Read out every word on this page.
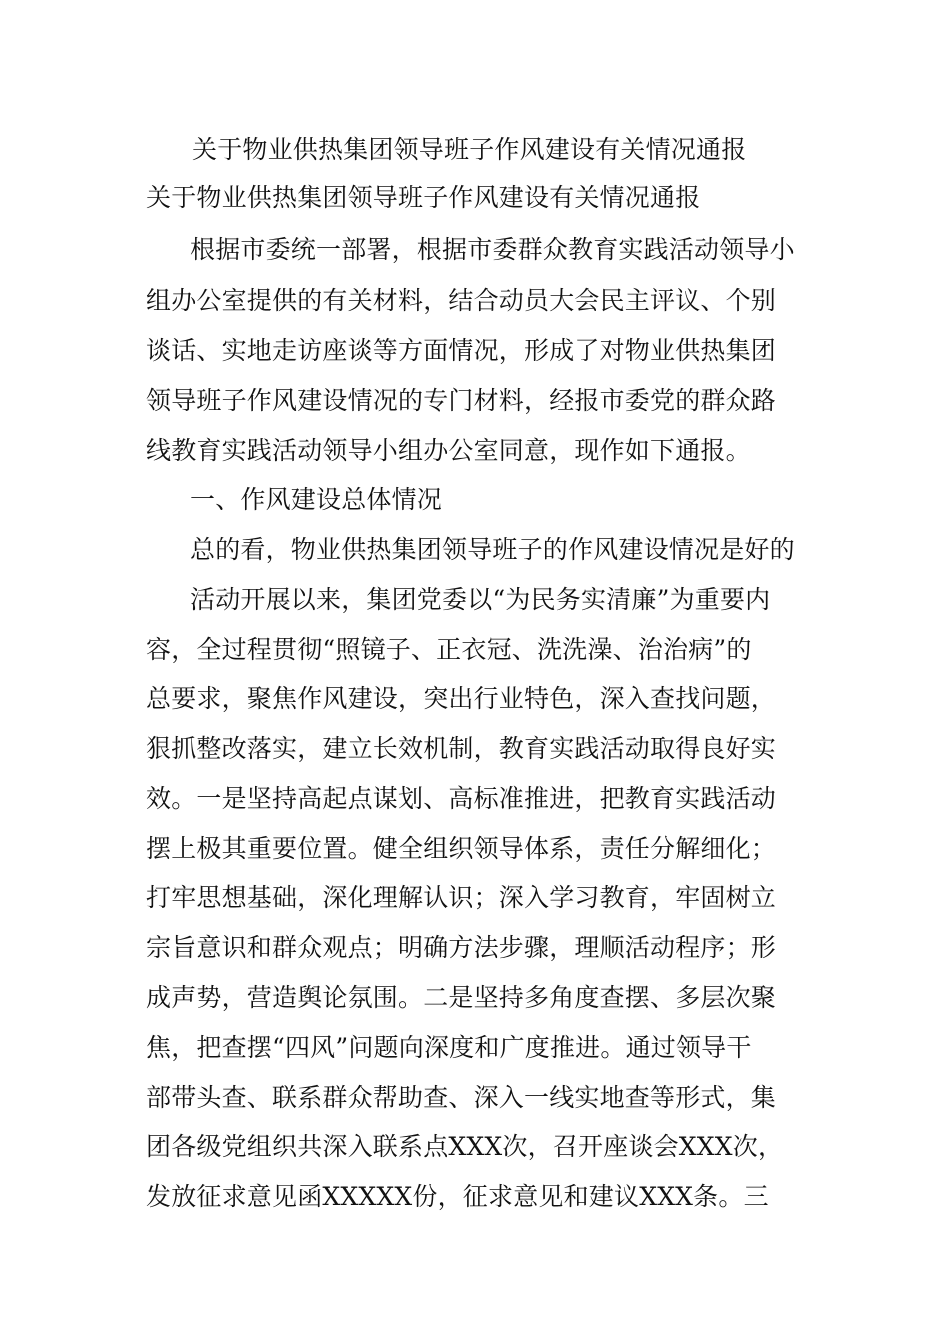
关于物业供热集团领导班子作风建设有关情况通报
关于物业供热集团领导班子作风建设有关情况通报
根据市委统一部署，根据市委群众教育实践活动领导小
组办公室提供的有关材料，结合动员大会民主评议、个别
谈话、实地走访座谈等方面情况，形成了对物业供热集团
领导班子作风建设情况的专门材料，经报市委党的群众路
线教育实践活动领导小组办公室同意，现作如下通报。
一、作风建设总体情况
总的看，物业供热集团领导班子的作风建设情况是好的
活动开展以来，集团党委以“为民务实清廉”为重要内
容，全过程贯彻“照镜子、正衣冠、洗洗澡、治治病”的
总要求，聚焦作风建设，突出行业特色，深入查找问题，
狠抓整改落实，建立长效机制，教育实践活动取得良好实
效。一是坚持高起点谋划、高标准推进，把教育实践活动
摆上极其重要位置。健全组织领导体系，责任分解细化；
打牢思想基础，深化理解认识；深入学习教育，牢固树立
宗旨意识和群众观点；明确方法步骤，理顺活动程序；形
成声势，营造舆论氛围。二是坚持多角度查摆、多层次聚
焦，把查摆“四风”问题向深度和广度推进。通过领导干
部带头查、联系群众帮助查、深入一线实地查等形式，集
团各级党组织共深入联系点XXX次，召开座谈会XXX次，
发放征求意见函XXXXX份，征求意见和建议XXX条。三
